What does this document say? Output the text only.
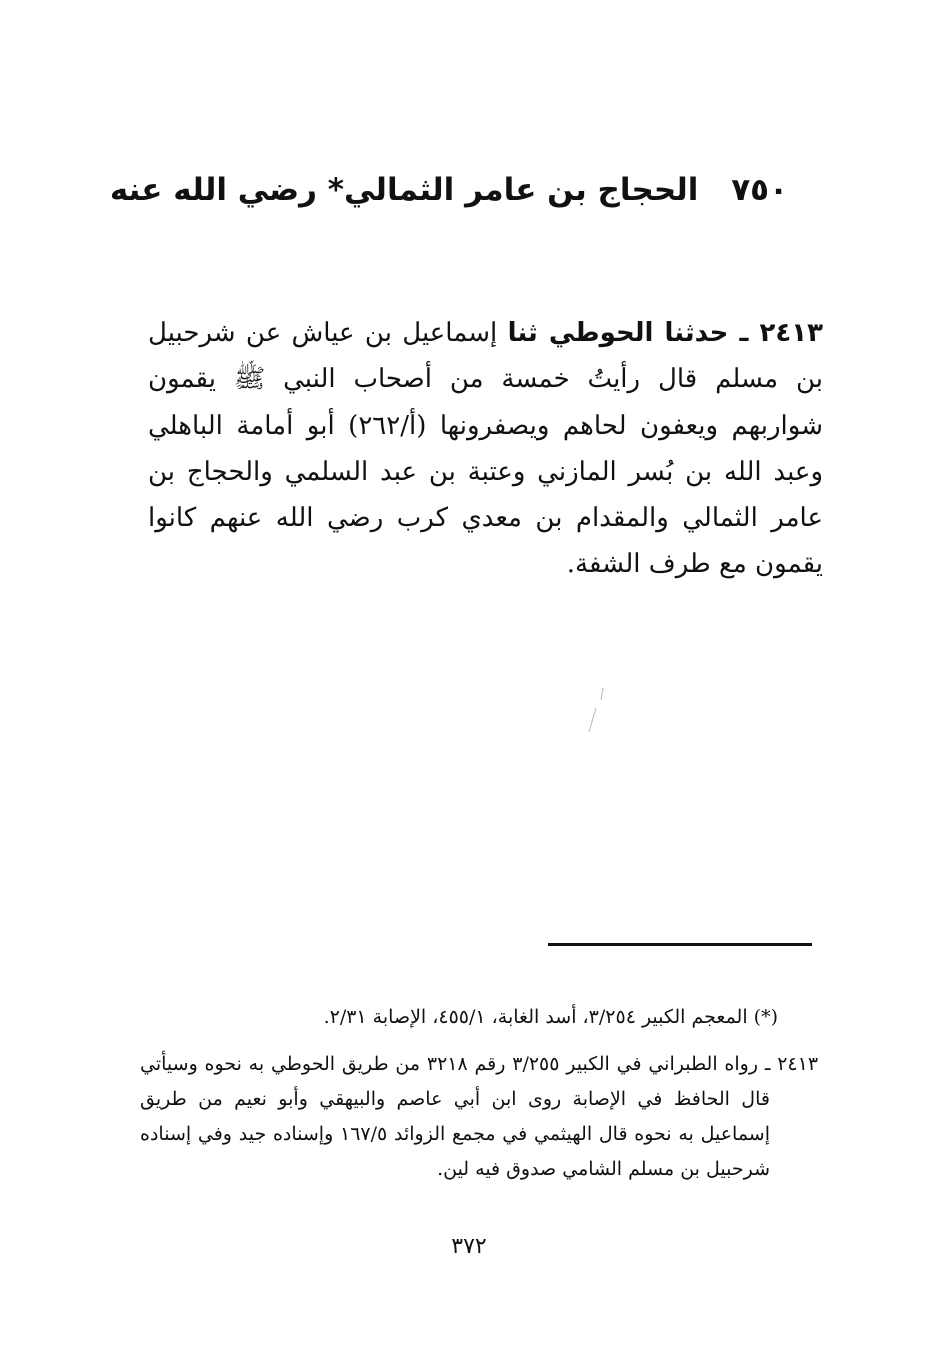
٧٥٠ الحجاج بن عامر الثمالي* رضي الله عنه

٢٤١٣ ـ حدثنا الحوطي ثنا إسماعيل بن عياش عن شرحبيل بن مسلم قال رأيتُ خمسة من أصحاب النبي ﷺ يقمون شواربهم ويعفون لحاهم ويصفرونها (أ/٢٦٢) أبو أمامة الباهلي وعبد الله بن بُسر المازني وعتبة بن عبد السلمي والحجاج بن عامر الثمالي والمقدام بن معدي كرب رضي الله عنهم كانوا يقمون مع طرف الشفة.

(*) المعجم الكبير ٣/٢٥٤، أسد الغابة، ٤٥٥/١، الإصابة ٢/٣١.
٢٤١٣ ـ رواه الطبراني في الكبير ٣/٢٥٥ رقم ٣٢١٨ من طريق الحوطي به نحوه وسيأتي قال الحافظ في الإصابة روى ابن أبي عاصم والبيهقي وأبو نعيم من طريق إسماعيل به نحوه قال الهيثمي في مجمع الزوائد ١٦٧/٥ وإسناده جيد وفي إسناده شرحبيل بن مسلم الشامي صدوق فيه لين.
٣٧٢
